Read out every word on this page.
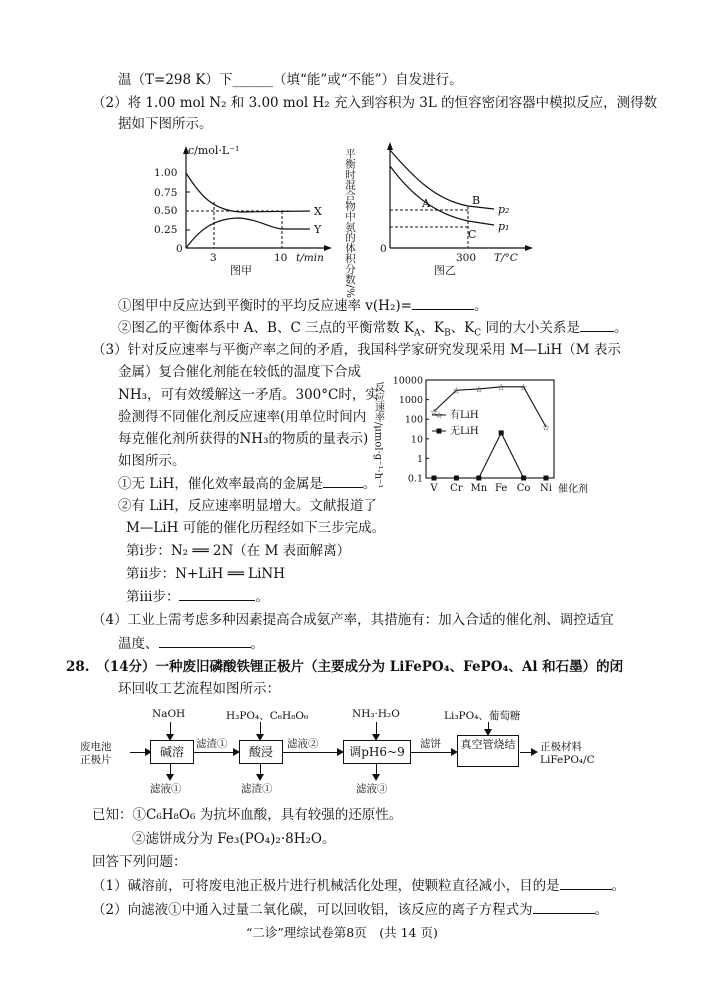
温（T=298 K）下______（填“能”或“不能”）自发进行。
（2）将 1.00 mol N₂ 和 3.00 mol H₂ 充入到容积为 3L 的恒容密闭容器中模拟反应，测得数
据如下图所示。
c/mol·L⁻¹
1.00
0.75
0.50
0.25
0
X
Y
3	10 t/min
图甲	平衡时混合物中氨的体积分数/% 0
A	B
C
p₂
p₁
300 T/°C
图乙
①图甲中反应达到平衡时的平均反应速率 v(H₂)=	。
②图乙的平衡体系中 A、B、C 三点的平衡常数 $K_A$、$K_B$、$K_C$ 同的大小关系是	。
（3）针对反应速率与平衡产率之间的矛盾，我国科学家研究发现采用 M—LiH（M 表示
金属）复合催化剂能在较低的温度下合成
NH₃，可有效缓解这一矛盾。300°C时，实
验测得不同催化剂反应速率(用单位时间内
每克催化剂所获得的NH₃的物质的量表示)
如图所示。
①无 LiH，催化效率最高的金属是	。
②有 LiH，反应速率明显增大。文献报道了
M—LiH 可能的催化历程经如下三步完成。
第i步：N₂ ══ 2N（在 M 表面解离）
第ii步：N+LiH ══ LiNH
第iii步：	。
反应速率/μmol·g⁻¹·h⁻¹
10000
1000
100
10
1
0.1
V Cr Mn Fe Co Ni 催化剂
☆
☆ ☆ ☆ ☆
☆
☆ 有LiH
无LiH
（4）工业上需考虑多种因素提高合成氨产率，其措施有：加入合适的催化剂、调控适宜
温度、	。
28.　（14分）一种废旧磷酸铁锂正极片（主要成分为 LiFePO₄、FePO₄、Al 和石墨）的闭
环回收工艺流程如图所示：
废电池
正极片
碱溶
NaOH
滤液①
滤渣①
酸浸
H₃PO₄、C₆H₈O₆
滤渣①
滤液②
调pH6~9
NH₃·H₂O
滤液③
滤饼	真空管烧结
Li₃PO₄、葡萄糖
正极材料
LiFePO₄/C
已知：①C₆H₈O₆ 为抗坏血酸，具有较强的还原性。
②滤饼成分为 Fe₃(PO₄)₂·8H₂O。
回答下列问题：
（1）碱溶前，可将废电池正极片进行机械活化处理，使颗粒直径减小，目的是	。
（2）向滤液①中通入过量二氧化碳，可以回收铝，该反应的离子方程式为	。
“二诊”理综试卷第8页　(共 14 页)
